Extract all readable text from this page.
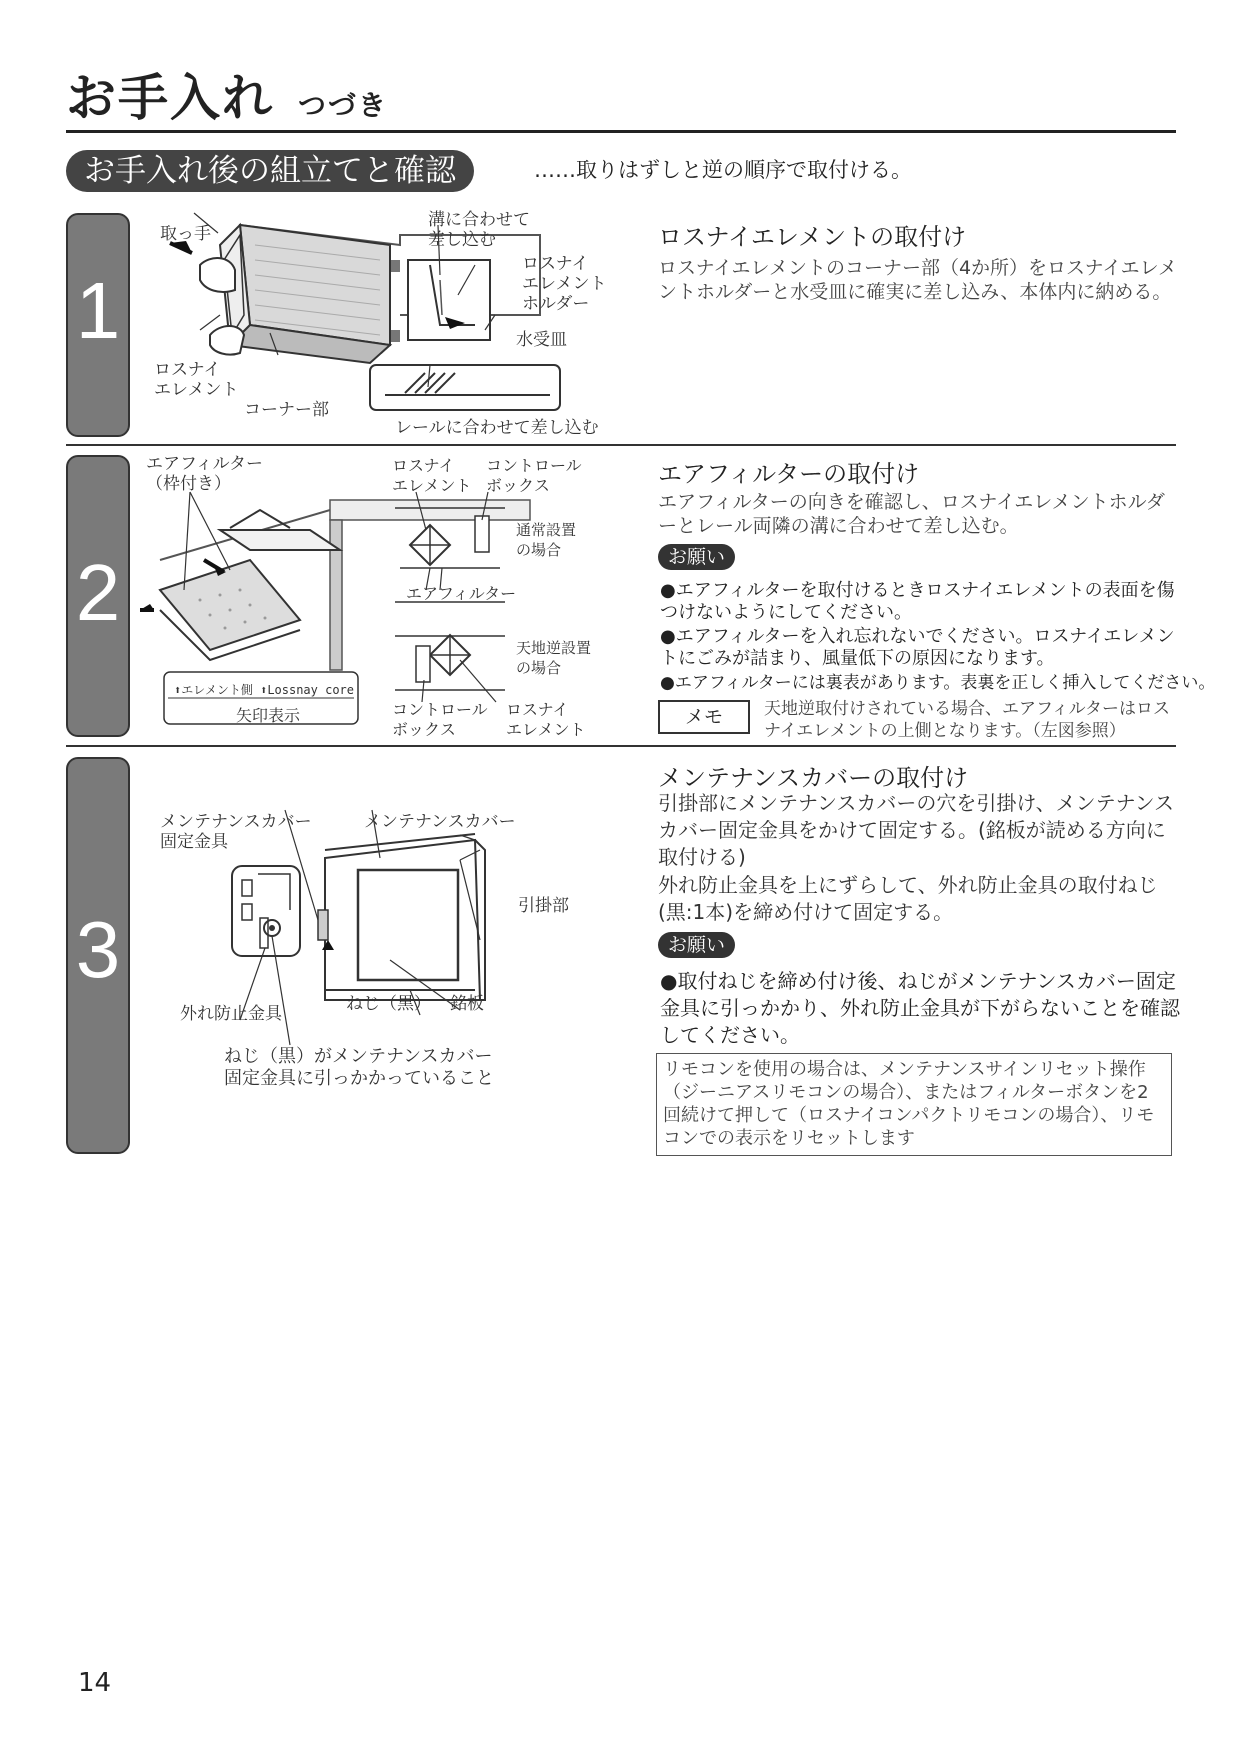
お手入れ つづき
お手入れ後の組立てと確認	……取りはずしと逆の順序で取付ける。
1
取っ手
溝に合わせて
差し込む
ロスナイ
エレメント
ホルダー
水受皿
ロスナイ
エレメント
コーナー部
レールに合わせて差し込む
ロスナイエレメントの取付け
ロスナイエレメントのコーナー部（4か所）をロスナイエレメントホルダーと水受皿に確実に差し込み、本体内に納める。
2
エアフィルター
（枠付き）
ロスナイ
エレメント
コントロール
ボックス
通常設置
の場合
エアフィルター
天地逆設置
の場合
コントロール
ボックス
ロスナイ
エレメント
⬆エレメント側 ⬆Lossnay core
矢印表示
エアフィルターの取付け
エアフィルターの向きを確認し、ロスナイエレメントホルダーとレール両隣の溝に合わせて差し込む。
お願い
●エアフィルターを取付けるときロスナイエレメントの表面を傷つけないようにしてください。
●エアフィルターを入れ忘れないでください。ロスナイエレメントにごみが詰まり、風量低下の原因になります。
●エアフィルターには裏表があります。表裏を正しく挿入してください。
メモ	天地逆取付けされている場合、エアフィルターはロスナイエレメントの上側となります。（左図参照）
3
メンテナンスカバー
固定金具
メンテナンスカバー
引掛部
外れ防止金具	ねじ（黒） 銘板
ねじ（黒）がメンテナンスカバー
固定金具に引っかかっていること
メンテナンスカバーの取付け
引掛部にメンテナンスカバーの穴を引掛け、メンテナンスカバー固定金具をかけて固定する。(銘板が読める方向に取付ける)
外れ防止金具を上にずらして、外れ防止金具の取付ねじ(黒:1本)を締め付けて固定する。
お願い
●取付ねじを締め付け後、ねじがメンテナンスカバー固定金具に引っかかり、外れ防止金具が下がらないことを確認してください。
リモコンを使用の場合は、メンテナンスサインリセット操作（ジーニアスリモコンの場合）、またはフィルターボタンを2回続けて押して（ロスナイコンパクトリモコンの場合）、リモコンでの表示をリセットします
14
